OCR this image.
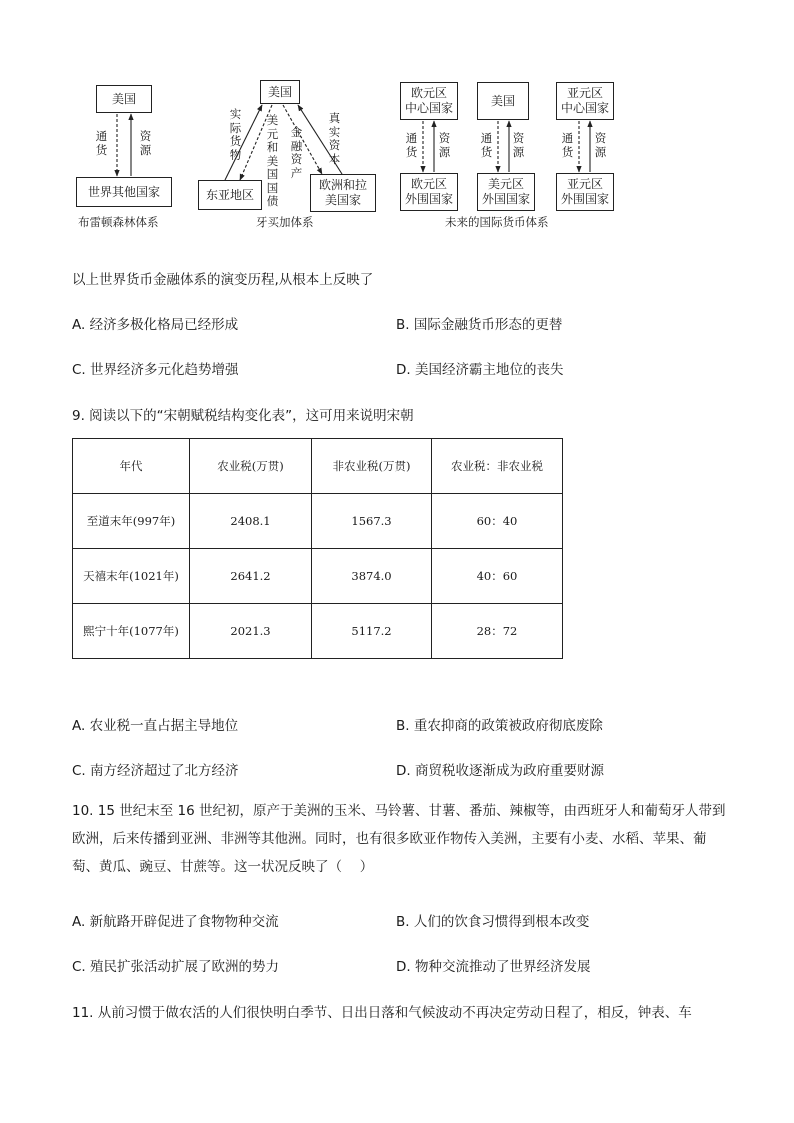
美国
世界其他国家
通货
资源
布雷顿森林体系
美国
东亚地区
欧洲和拉
美国家
实际货物
美元和美国国债
金融资产
真实资本
牙买加体系
欧元区
中心国家
美国
亚元区
中心国家
欧元区
外围国家
美元区
外国国家
亚元区
外围国家
通货
资源
通货
资源
通货
资源
未来的国际货币体系
以上世界货币金融体系的演变历程,从根本上反映了
A. 经济多极化格局已经形成	B. 国际金融货币形态的更替
C. 世界经济多元化趋势增强	D. 美国经济霸主地位的丧失
9. 阅读以下的“宋朝赋税结构变化表”，这可用来说明宋朝
年代	农业税(万贯)	非农业税(万贯)	农业税：非农业税
至道末年(997年)	2408.1	1567.3	60：40
天禧末年(1021年)	2641.2	3874.0	40：60
熙宁十年(1077年)	2021.3	5117.2	28：72
A. 农业税一直占据主导地位	B. 重农抑商的政策被政府彻底废除
C. 南方经济超过了北方经济	D. 商贸税收逐渐成为政府重要财源
10. 15 世纪末至 16 世纪初，原产于美洲的玉米、马铃薯、甘薯、番茄、辣椒等，由西班牙人和葡萄牙人带到欧洲，后来传播到亚洲、非洲等其他洲。同时，也有很多欧亚作物传入美洲，主要有小麦、水稻、苹果、葡萄、黄瓜、豌豆、甘蔗等。这一状况反映了（　 ）
A. 新航路开辟促进了食物物种交流	B. 人们的饮食习惯得到根本改变
C. 殖民扩张活动扩展了欧洲的势力	D. 物种交流推动了世界经济发展
11. 从前习惯于做农活的人们很快明白季节、日出日落和气候波动不再决定劳动日程了，相反，钟表、车
